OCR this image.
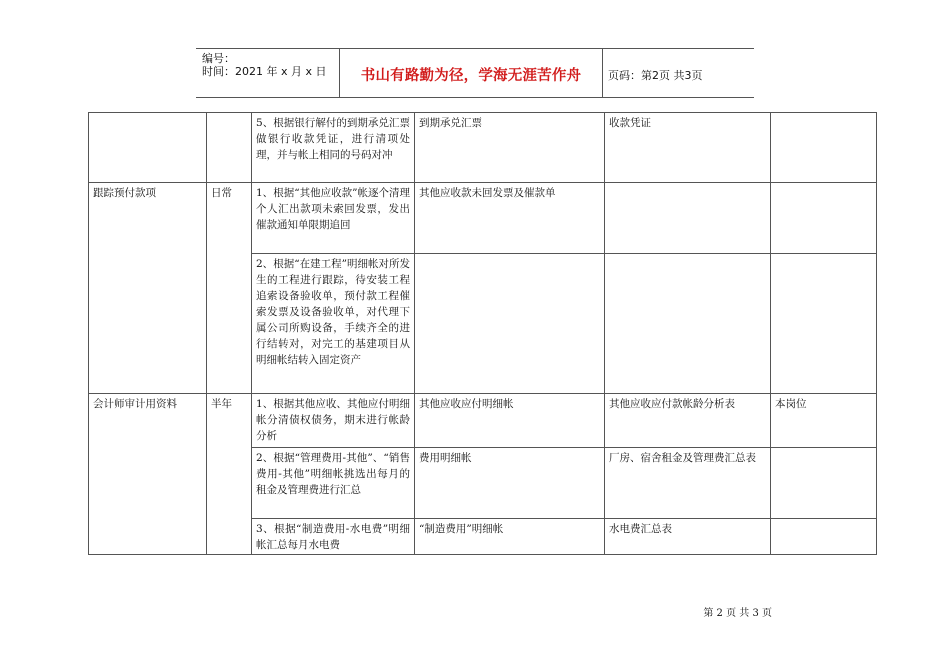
编号：
时间：2021 年 x 月 x 日	书山有路勤为径，学海无涯苦作舟	页码：第2页 共3页
		5、根据银行解付的到期承兑汇票做银行收款凭证，进行清项处理，并与帐上相同的号码对冲	到期承兑汇票	收款凭证	
跟踪预付款项	日常	1、根据“其他应收款”帐逐个清理个人汇出款项未索回发票，发出催款通知单限期追回	其他应收款未回发票及催款单		
		2、根据“在建工程”明细帐对所发生的工程进行跟踪，待安装工程追索设备验收单，预付款工程催索发票及设备验收单，对代理下属公司所购设备，手续齐全的进行结转对，对完工的基建项目从明细帐结转入固定资产			
会计师审计用资料	半年	1、根据其他应收、其他应付明细帐分清债权债务，期末进行帐龄分析	其他应收应付明细帐	其他应收应付款帐龄分析表	本岗位
		2、根据“管理费用-其他”、“销售费用-其他”明细帐挑选出每月的租金及管理费进行汇总	费用明细帐	厂房、宿舍租金及管理费汇总表	
		3、根据“制造费用-水电费”明细帐汇总每月水电费	“制造费用”明细帐	水电费汇总表	
第 2 页 共 3 页
